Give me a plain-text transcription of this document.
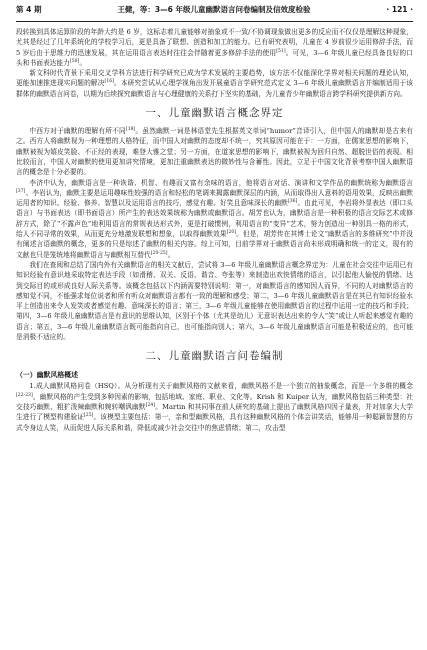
第 4 期	王健，等：3—6 年级儿童幽默语言问卷编制及信效度检验	· 121 ·

段转换到具体运算阶段的年龄大约是 6 岁，这标志着儿童能够对抽象或不一致/不协调现象做出更多的反应而不仅仅是理解这种现象，尤其是经过了几年系统化的学校学习后，更是具备了联想、创造和加工的能力。已有研究表明，儿童在 4 岁前很少运用修辞手法，而 5 岁后由于思维力的迅速发展，其在运用语言表达时往往会伴随着更多修辞手法的使用[51]。可见，3—6 年级儿童已经具备良好的口头和书面表达能力[50]。

新文科时代背景下采用交叉学科方法进行科学研究已成为学术发展的主要趋势，该方法不仅能深化学界对相关问题的理论认知，更能加速推进现实问题的解决[16]。本研究尝试从心理学视角出发开展童语言学研究范式定义 3—6 年级儿童幽默语言并编制适用于该群体的幽默语言问卷，以期为后续探究幽默语言与心理健康的关系打下坚实的基础，为儿童青少年幽默语言跨学科研究提供新方向。

一、儿童幽默语言概念界定

中西方对于幽默的理解有所不同[18]。虽然幽默一词是林语堂先生根据英文单词“humor”音译引入，但中国人的幽默却是古来有之。西方人将幽默视为一种理想的人格特征，而中国人对幽默的态度却不统一，究其原因可能在于：一方面，在儒家思想的影响下，幽默被视为嬉皮笑脸、不正经的表现，难登大雅之堂；另一方面，在道家思想的影响下，幽默被视为回归自然、超脱世俗的表现。相比较而言，中国人对幽默的使用更加讲究情境，更加注重幽默表达的微妙性与含蓄性。因此，立足于中国文化背景考察中国人幽默语言的概念是十分必要的。

李济中认为，幽默语言是一种诙谐、机智、有趣而又富有余味的语言，他将语言对话、演讲和文学作品的幽默统称为幽默语言[37]。李岩认为，幽默主要是运用趣味性较强的语言和轻松的笔调来揭露幽默深层的内涵，从而取得出人意料的语用效果，反映出幽默运用者的知识、经验、修养、智慧以及运用语言的技巧，感觉有趣、好笑且意味深长的幽默[36]。由此可见，李岩将外显表达（即口头语言）与书面表达（即书面语言）所产生的表达效果统称为幽默或幽默语言。胡芳也认为，幽默语言是一种积极的语言交际艺术或修辞方式，除了“不露声色”地利用语言的常规表达形式外，更是打破惯例，利用语言的“变异”艺术，努力创造出一种别具一格的形式，给人不同寻常的效果，从而更充分地激发联想和想象，以取得幽默效果[20]。但是，胡芳传在其博士论文“幽默语言的多维研究”中并没有阐述言语幽默的概念，更多的只是综述了幽默的相关内容。综上可知，目前学界对于幽默语言尚未形成明确和统一的定义，现有的文献也只是笼统地将幽默语言与幽默相互替代[20-25]。

我们在查阅和总结了国内外有关幽默语言的相关文献后，尝试将 3—6 年级儿童幽默语言概念界定为：儿童在社会交往中运用已有知识经验有意识地采取特定表达手段（如滑稽、双关、反语、谐音、夸张等）来制造出欢快情绪的语言，以引起他人愉悦的情绪、达到交际目的或形成良好人际关系等。该概念包括以下内涵需要特别说明：第一，对幽默语言的感知因人而异，不同的人对幽默语言的感知觉不同，不能强求每位说者和所有听众对幽默语言都有一致的理解和感受；第二，3—6 年级儿童幽默语言是在其已有知识经验水平上创造出来令人发笑或者感觉有趣、意味深长的语言；第三，3—6 年级儿童能够在使用幽默语言的过程中运用一定的技巧和手段；第四，3—6 年级儿童幽默语言是有意识的思维认知，区别于个体（尤其是幼儿）无意识表达出来的令人“笑”或让人听起来感觉有趣的语言；第五，3—6 年级儿童幽默语言既可能指向自己，也可能指向别人；第六，3—6 年级儿童幽默语言可能是积极适应的，也可能是消极不适应的。

二、儿童幽默语言问卷编制
（一）幽默风格概述

1.成人幽默风格问卷（HSQ）。从分析现有关于幽默风格的文献来看，幽默风格不是一个独立的抽象概念，而是一个多维的概念[22-23]。幽默风格的产生受到多种因素的影响，包括地域、家庭、职业、文化等。Krish 和 Kuiper 认为，幽默风格包括三种类型：社交技巧幽默、粗犷泼辣幽默和婉转嘲讽幽默[24]。Martin 和其同事在前人研究的基础上提出了幽默风格四因子量表，并对加拿大大学生进行了模型构建验证[25]。该模型主要包括：第一，亲和型幽默风格，具有这种幽默风格的个体会讲笑话，能够用一种聪颖智慧的方式令身边人笑，从而促进人际关系和谐，降低或减少社会交往中的焦虑情绪；第二，攻击型
